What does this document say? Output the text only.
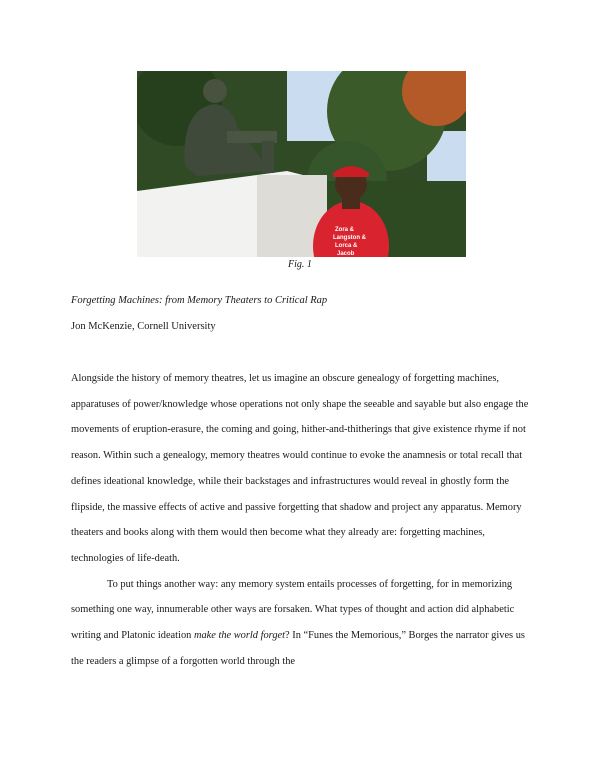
Zora &
Langston &
Lorca &
Jacob
Fig. 1
Forgetting Machines: from Memory Theaters to Critical Rap
Jon McKenzie, Cornell University

Alongside the history of memory theatres, let us imagine an obscure genealogy of forgetting machines, apparatuses of power/knowledge whose operations not only shape the seeable and sayable but also engage the movements of eruption-erasure, the coming and going, hither-and-thitherings that give existence rhyme if not reason. Within such a genealogy, memory theatres would continue to evoke the anamnesis or total recall that defines ideational knowledge, while their backstages and infrastructures would reveal in ghostly form the flipside, the massive effects of active and passive forgetting that shadow and project any apparatus. Memory theaters and books along with them would then become what they already are: forgetting machines, technologies of life-death.

To put things another way: any memory system entails processes of forgetting, for in memorizing something one way, innumerable other ways are forsaken. What types of thought and action did alphabetic writing and Platonic ideation make the world forget? In “Funes the Memorious,” Borges the narrator gives us the readers a glimpse of a forgotten world through the
